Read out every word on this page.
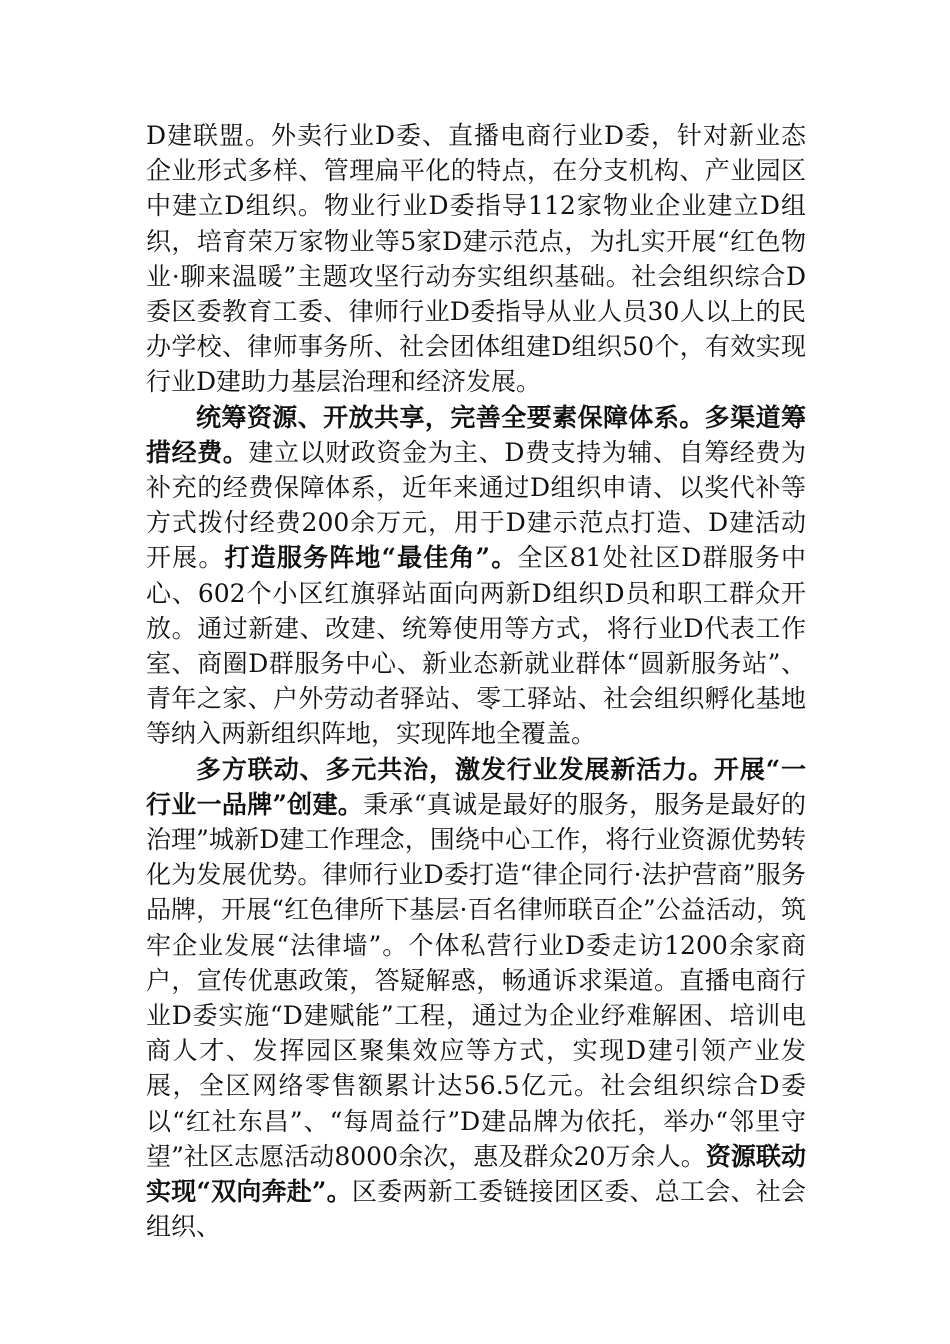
D建联盟。外卖行业D委、直播电商行业D委，针对新业态企业形式多样、管理扁平化的特点，在分支机构、产业园区中建立D组织。物业行业D委指导112家物业企业建立D组织，培育荣万家物业等5家D建示范点，为扎实开展“红色物业·聊来温暖”主题攻坚行动夯实组织基础。社会组织综合D委区委教育工委、律师行业D委指导从业人员30人以上的民办学校、律师事务所、社会团体组建D组织50个，有效实现行业D建助力基层治理和经济发展。

统筹资源、开放共享，完善全要素保障体系。多渠道筹措经费。建立以财政资金为主、D费支持为辅、自筹经费为补充的经费保障体系，近年来通过D组织申请、以奖代补等方式拨付经费200余万元，用于D建示范点打造、D建活动开展。打造服务阵地“最佳角”。全区81处社区D群服务中心、602个小区红旗驿站面向两新D组织D员和职工群众开放。通过新建、改建、统筹使用等方式，将行业D代表工作室、商圈D群服务中心、新业态新就业群体“圆新服务站”、青年之家、户外劳动者驿站、零工驿站、社会组织孵化基地等纳入两新组织阵地，实现阵地全覆盖。

多方联动、多元共治，激发行业发展新活力。开展“一行业一品牌”创建。秉承“真诚是最好的服务，服务是最好的治理”城新D建工作理念，围绕中心工作，将行业资源优势转化为发展优势。律师行业D委打造“律企同行·法护营商”服务品牌，开展“红色律所下基层·百名律师联百企”公益活动，筑牢企业发展“法律墙”。个体私营行业D委走访1200余家商户，宣传优惠政策，答疑解惑，畅通诉求渠道。直播电商行业D委实施“D建赋能”工程，通过为企业纾难解困、培训电商人才、发挥园区聚集效应等方式，实现D建引领产业发展，全区网络零售额累计达56.5亿元。社会组织综合D委以“红社东昌”、“每周益行”D建品牌为依托，举办“邻里守望”社区志愿活动8000余次，惠及群众20万余人。资源联动实现“双向奔赴”。区委两新工委链接团区委、总工会、社会组织、
